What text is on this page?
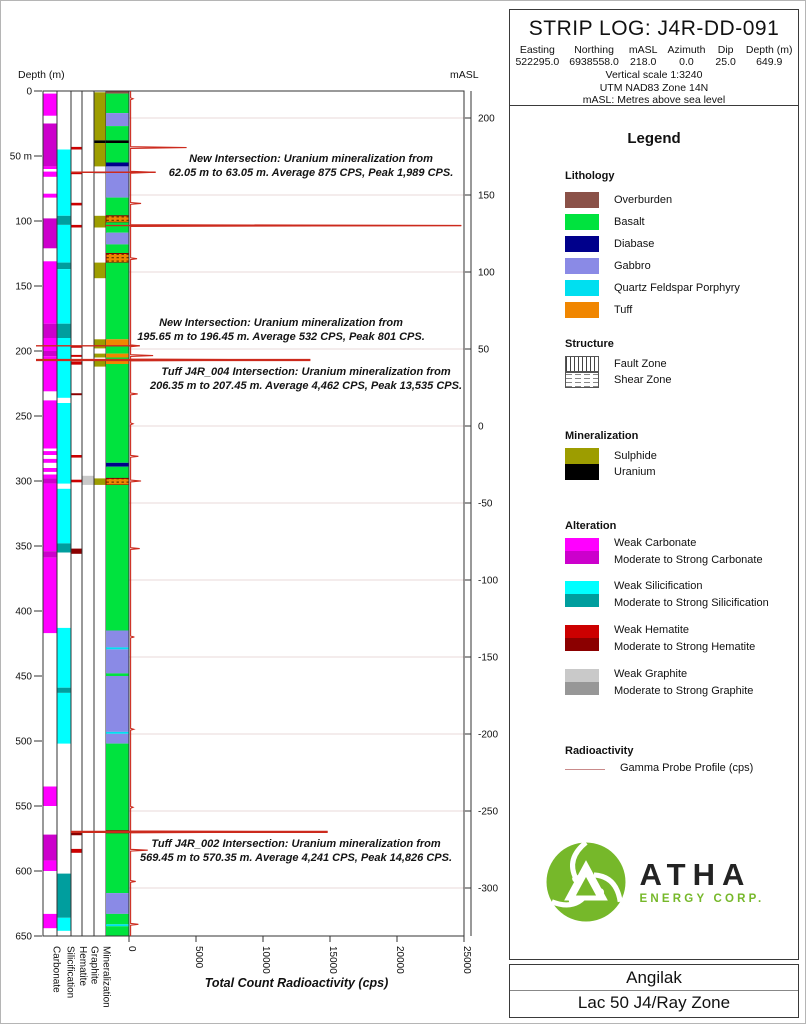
0
50 m
100
150
200
250
300
350
400
450
500
550
600
650
200
150
100
50
0
-50
-100
-150
-200
-250
-300
0	5000	10000	15000	20000	25000
Carbonate Silicification Hematite Graphite Mineralization
Depth (m)	mASL
Total Count Radioactivity (cps)
New Intersection: Uranium mineralization from
62.05 m to 63.05 m. Average 875 CPS, Peak 1,989 CPS.
New Intersection: Uranium mineralization from
195.65 m to 196.45 m. Average 532 CPS, Peak 801 CPS.
Tuff J4R_004 Intersection: Uranium mineralization from
206.35 m to 207.45 m. Average 4,462 CPS, Peak 13,535 CPS.
Tuff J4R_002 Intersection: Uranium mineralization from
569.45 m to 570.35 m. Average 4,241 CPS, Peak 14,826 CPS.
STRIP LOG: J4R-DD-091
Easting
522295.0
Northing
6938558.0
mASL
218.0
Azimuth
0.0
Dip
25.0
Depth (m)
649.9
Vertical scale 1:3240
UTM NAD83 Zone 14N
mASL: Metres above sea level
Legend
Lithology
Overburden
Basalt
Diabase
Gabbro
Quartz Feldspar Porphyry
Tuff
Structure
Fault Zone
Shear Zone
Mineralization
Sulphide
Uranium
Alteration
Weak Carbonate
Moderate to Strong Carbonate
Weak Silicification
Moderate to Strong Silicification
Weak Hematite
Moderate to Strong Hematite
Weak Graphite
Moderate to Strong Graphite
Radioactivity
Gamma Probe Profile (cps)
ATHA
ENERGY CORP.
Angilak
Lac 50 J4/Ray Zone
